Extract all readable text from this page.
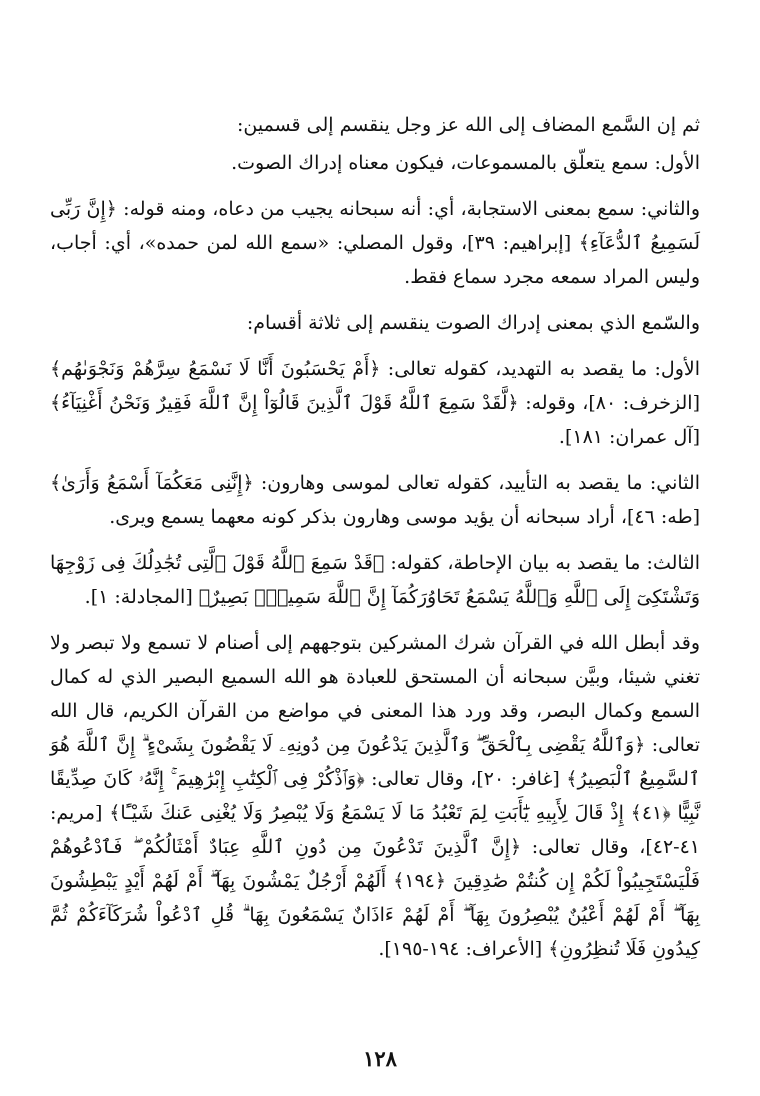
ثم إن السَّمع المضاف إلى الله عز وجل ينقسم إلى قسمين:

الأول: سمع يتعلّق بالمسموعات، فيكون معناه إدراك الصوت.

والثاني: سمع بمعنى الاستجابة، أي: أنه سبحانه يجيب من دعاه، ومنه قوله: ﴿إِنَّ رَبِّى لَسَمِيعُ ٱلدُّعَآءِ﴾ [إبراهيم: ٣٩]، وقول المصلي: «سمع الله لمن حمده»، أي: أجاب، وليس المراد سمعه مجرد سماع فقط.

والسّمع الذي بمعنى إدراك الصوت ينقسم إلى ثلاثة أقسام:

الأول: ما يقصد به التهديد، كقوله تعالى: ﴿أَمْ يَحْسَبُونَ أَنَّا لَا نَسْمَعُ سِرَّهُمْ وَنَجْوَىٰهُم﴾ [الزخرف: ٨٠]، وقوله: ﴿لَّقَدْ سَمِعَ ٱللَّهُ قَوْلَ ٱلَّذِينَ قَالُوٓاْ إِنَّ ٱللَّهَ فَقِيرٌ وَنَحْنُ أَغْنِيَآءُ﴾ [آل عمران: ١٨١].

الثاني: ما يقصد به التأييد، كقوله تعالى لموسى وهارون: ﴿إِنَّنِى مَعَكُمَآ أَسْمَعُ وَأَرَىٰ﴾ [طه: ٤٦]، أراد سبحانه أن يؤيد موسى وهارون بذكر كونه معهما يسمع ويرى.

الثالث: ما يقصد به بيان الإحاطة، كقوله: ﴿قَدْ سَمِعَ ٱللَّهُ قَوْلَ ٱلَّتِى تُجَٰدِلُكَ فِى زَوْجِهَا وَتَشْتَكِىٓ إِلَى ٱللَّهِ وَٱللَّهُ يَسْمَعُ تَحَاوُرَكُمَآ إِنَّ ٱللَّهَ سَمِيعٌۢ بَصِيرٌ﴾ [المجادلة: ١].

وقد أبطل الله في القرآن شرك المشركين بتوجههم إلى أصنام لا تسمع ولا تبصر ولا تغني شيئا، وبيَّن سبحانه أن المستحق للعبادة هو الله السميع البصير الذي له كمال السمع وكمال البصر، وقد ورد هذا المعنى في مواضع من القرآن الكريم، قال الله تعالى: ﴿وَٱللَّهُ يَقْضِى بِٱلْحَقِّ ۖ وَٱلَّذِينَ يَدْعُونَ مِن دُونِهِۦ لَا يَقْضُونَ بِشَىْءٍ ۗ إِنَّ ٱللَّهَ هُوَ ٱلسَّمِيعُ ٱلْبَصِيرُ﴾ [غافر: ٢٠]، وقال تعالى: ﴿وَٱذْكُرْ فِى ٱلْكِتَٰبِ إِبْرَٰهِيمَ ۚ إِنَّهُۥ كَانَ صِدِّيقًا نَّبِيًّا ﴿٤١﴾ إِذْ قَالَ لِأَبِيهِ يَٰٓأَبَتِ لِمَ تَعْبُدُ مَا لَا يَسْمَعُ وَلَا يُبْصِرُ وَلَا يُغْنِى عَنكَ شَيْـًٔا﴾ [مريم: ٤١-٤٢]، وقال تعالى: ﴿إِنَّ ٱلَّذِينَ تَدْعُونَ مِن دُونِ ٱللَّهِ عِبَادٌ أَمْثَالُكُمْ ۖ فَٱدْعُوهُمْ فَلْيَسْتَجِيبُواْ لَكُمْ إِن كُنتُمْ صَٰدِقِينَ ﴿١٩٤﴾ أَلَهُمْ أَرْجُلٌ يَمْشُونَ بِهَآ ۖ أَمْ لَهُمْ أَيْدٍ يَبْطِشُونَ بِهَآ ۖ أَمْ لَهُمْ أَعْيُنٌ يُبْصِرُونَ بِهَآ ۖ أَمْ لَهُمْ ءَاذَانٌ يَسْمَعُونَ بِهَا ۗ قُلِ ٱدْعُواْ شُرَكَآءَكُمْ ثُمَّ كِيدُونِ فَلَا تُنظِرُونِ﴾ [الأعراف: ١٩٤-١٩٥].

١٢٨
